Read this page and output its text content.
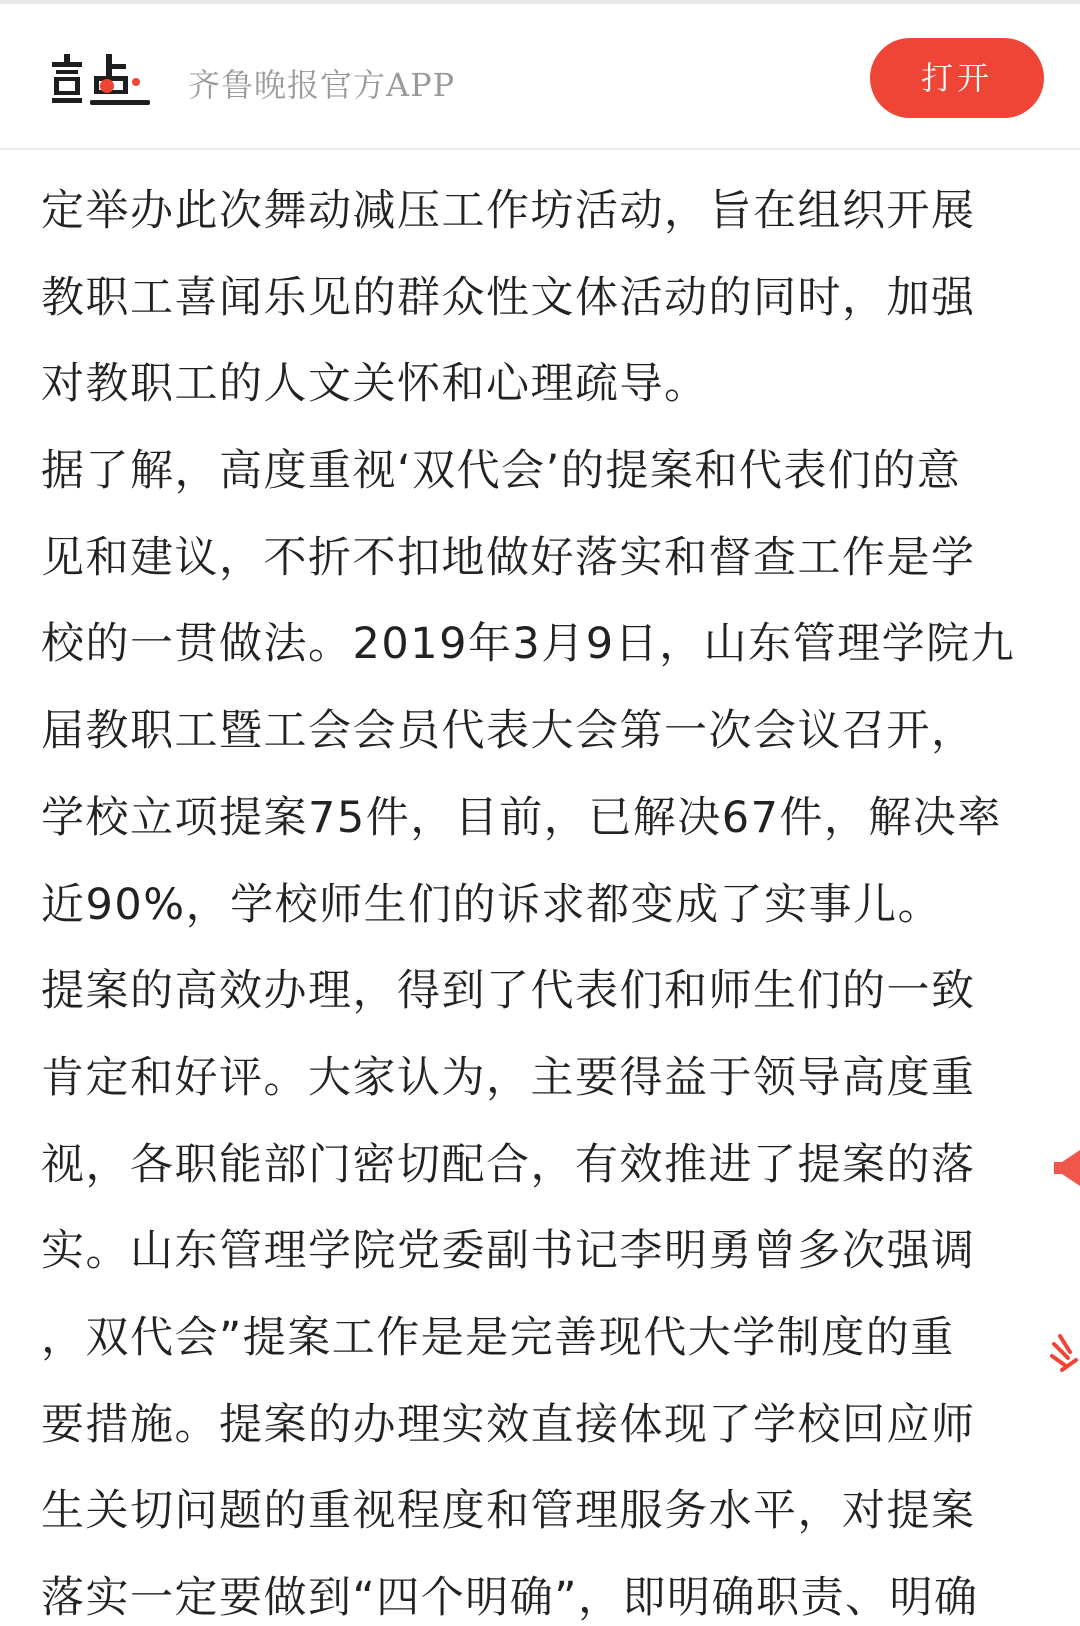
齐鲁晚报官方APP	打开
定举办此次舞动减压工作坊活动，旨在组织开展
教职工喜闻乐见的群众性文体活动的同时，加强
对教职工的人文关怀和心理疏导。
据了解，高度重视‘双代会’的提案和代表们的意
见和建议，不折不扣地做好落实和督查工作是学
校的一贯做法。2019年3月9日，山东管理学院九
届教职工暨工会会员代表大会第一次会议召开，
学校立项提案75件，目前，已解决67件，解决率
近90%，学校师生们的诉求都变成了实事儿。
提案的高效办理，得到了代表们和师生们的一致
肯定和好评。大家认为，主要得益于领导高度重
视，各职能部门密切配合，有效推进了提案的落
实。山东管理学院党委副书记李明勇曾多次强调
，双代会”提案工作是是完善现代大学制度的重
要措施。提案的办理实效直接体现了学校回应师
生关切问题的重视程度和管理服务水平，对提案
落实一定要做到“四个明确”，即明确职责、明确
